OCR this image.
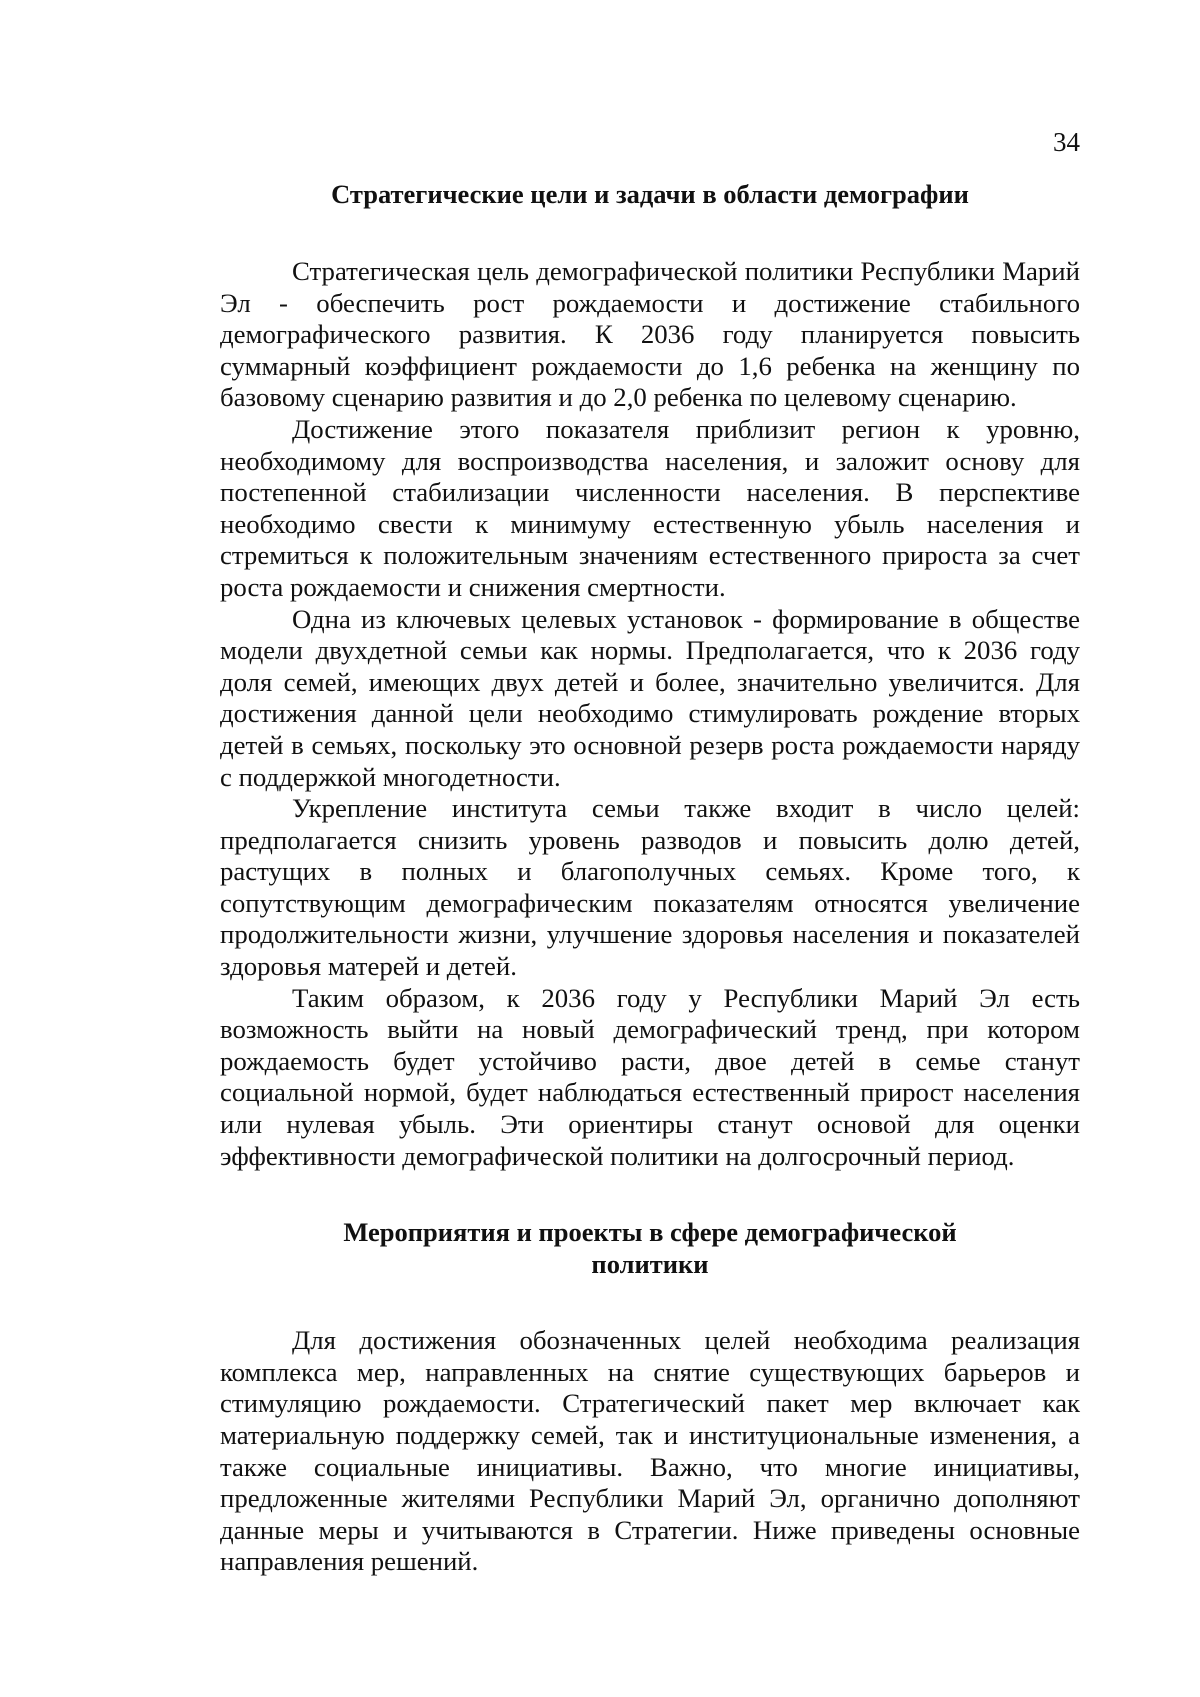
34
Стратегические цели и задачи в области демографии

Стратегическая цель демографической политики Республики Марий Эл - обеспечить рост рождаемости и достижение стабильного демографического развития. К 2036 году планируется повысить суммарный коэффициент рождаемости до 1,6 ребенка на женщину по базовому сценарию развития и до 2,0 ребенка по целевому сценарию.

Достижение этого показателя приблизит регион к уровню, необходимому для воспроизводства населения, и заложит основу для постепенной стабилизации численности населения. В перспективе необходимо свести к минимуму естественную убыль населения и стремиться к положительным значениям естественного прироста за счет роста рождаемости и снижения смертности.

Одна из ключевых целевых установок - формирование в обществе модели двухдетной семьи как нормы. Предполагается, что к 2036 году доля семей, имеющих двух детей и более, значительно увеличится. Для достижения данной цели необходимо стимулировать рождение вторых детей в семьях, поскольку это основной резерв роста рождаемости наряду с поддержкой многодетности.

Укрепление института семьи также входит в число целей: предполагается снизить уровень разводов и повысить долю детей, растущих в полных и благополучных семьях. Кроме того, к сопутствующим демографическим показателям относятся увеличение продолжительности жизни, улучшение здоровья населения и показателей здоровья матерей и детей.

Таким образом, к 2036 году у Республики Марий Эл есть возможность выйти на новый демографический тренд, при котором рождаемость будет устойчиво расти, двое детей в семье станут социальной нормой, будет наблюдаться естественный прирост населения или нулевая убыль. Эти ориентиры станут основой для оценки эффективности демографической политики на долгосрочный период.

Мероприятия и проекты в сфере демографической
политики

Для достижения обозначенных целей необходима реализация комплекса мер, направленных на снятие существующих барьеров и стимуляцию рождаемости. Стратегический пакет мер включает как материальную поддержку семей, так и институциональные изменения, а также социальные инициативы. Важно, что многие инициативы, предложенные жителями Республики Марий Эл, органично дополняют данные меры и учитываются в Стратегии. Ниже приведены основные направления решений.
